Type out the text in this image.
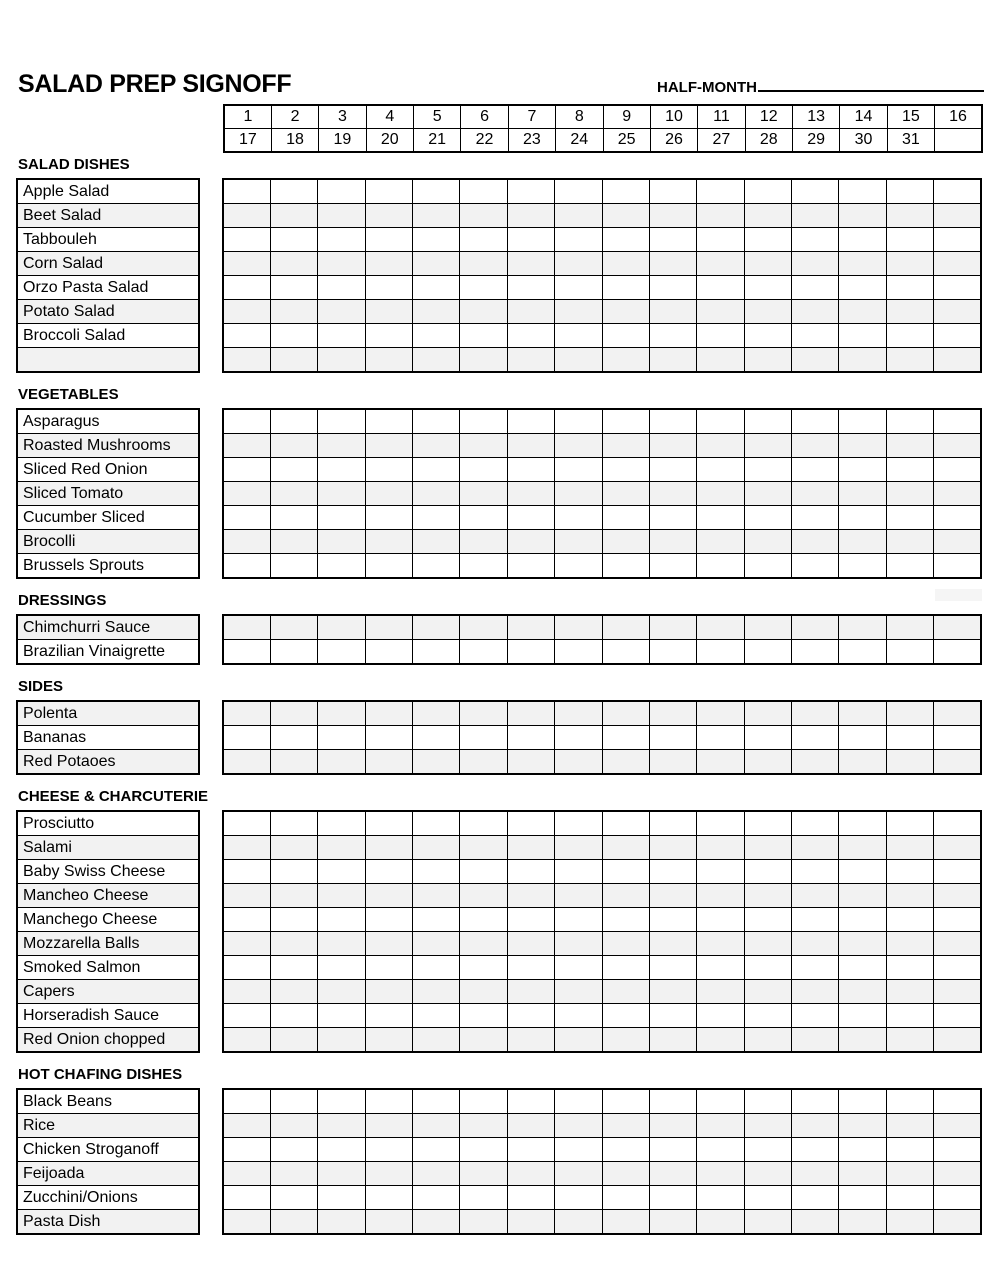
SALAD PREP SIGNOFF	HALF-MONTH
1	2	3	4	5	6	7	8	9	10	11	12	13	14	15	16
17	18	19	20	21	22	23	24	25	26	27	28	29	30	31	
SALAD DISHES
Apple Salad
Beet Salad
Tabbouleh
Corn Salad
Orzo Pasta Salad
Potato Salad
Broccoli Salad

VEGETABLES
Asparagus
Roasted Mushrooms
Sliced Red Onion
Sliced Tomato
Cucumber Sliced
Brocolli
Brussels Sprouts

DRESSINGS
Chimchurri Sauce
Brazilian Vinaigrette

SIDES
Polenta
Bananas
Red Potaoes

CHEESE & CHARCUTERIE
Prosciutto
Salami
Baby Swiss Cheese
Mancheo Cheese
Manchego Cheese
Mozzarella Balls
Smoked Salmon
Capers
Horseradish Sauce
Red Onion chopped

HOT CHAFING DISHES
Black Beans
Rice
Chicken Stroganoff
Feijoada
Zucchini/Onions
Pasta Dish
